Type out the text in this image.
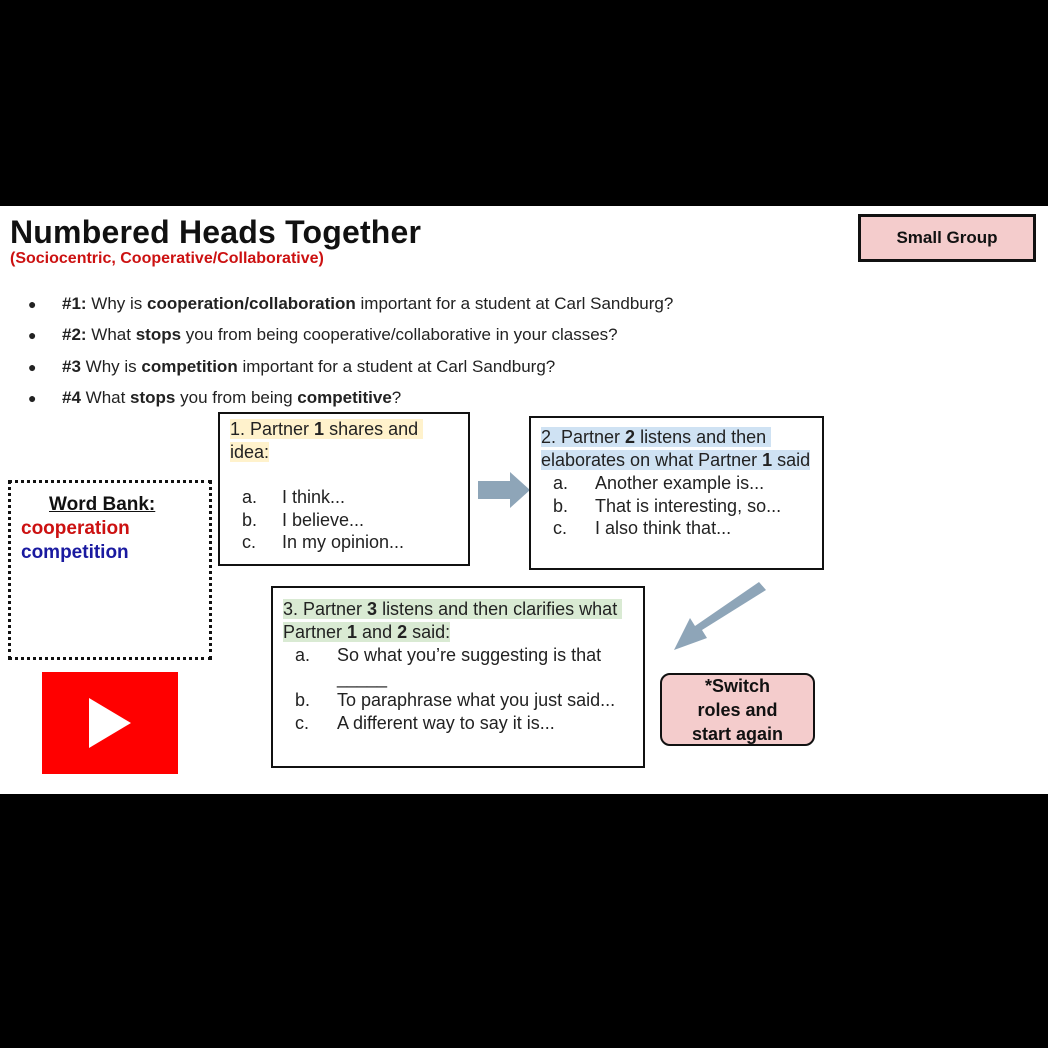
Numbered Heads Together
(Sociocentric, Cooperative/Collaborative)
Small Group
●	#1: Why is cooperation/collaboration important for a student at Carl Sandburg?
●	#2: What stops you from being cooperative/collaborative in your classes?
●	#3 Why is competition important for a student at Carl Sandburg?
●	#4 What stops you from being competitive ?
1. Partner 1 shares and idea:
a.	I think...
b.	I believe...
c.	In my opinion...
2. Partner 2 listens and then elaborates on what Partner 1 said
a.	Another example is...
b.	That is interesting, so...
c.	I also think that...
Word Bank:
cooperation
competition
3. Partner 3 listens and then clarifies what Partner 1 and 2 said:
a.	So what you’re suggesting is that _____
b.	To paraphrase what you just said...
c.	A different way to say it is...
*Switch
roles and
start again
